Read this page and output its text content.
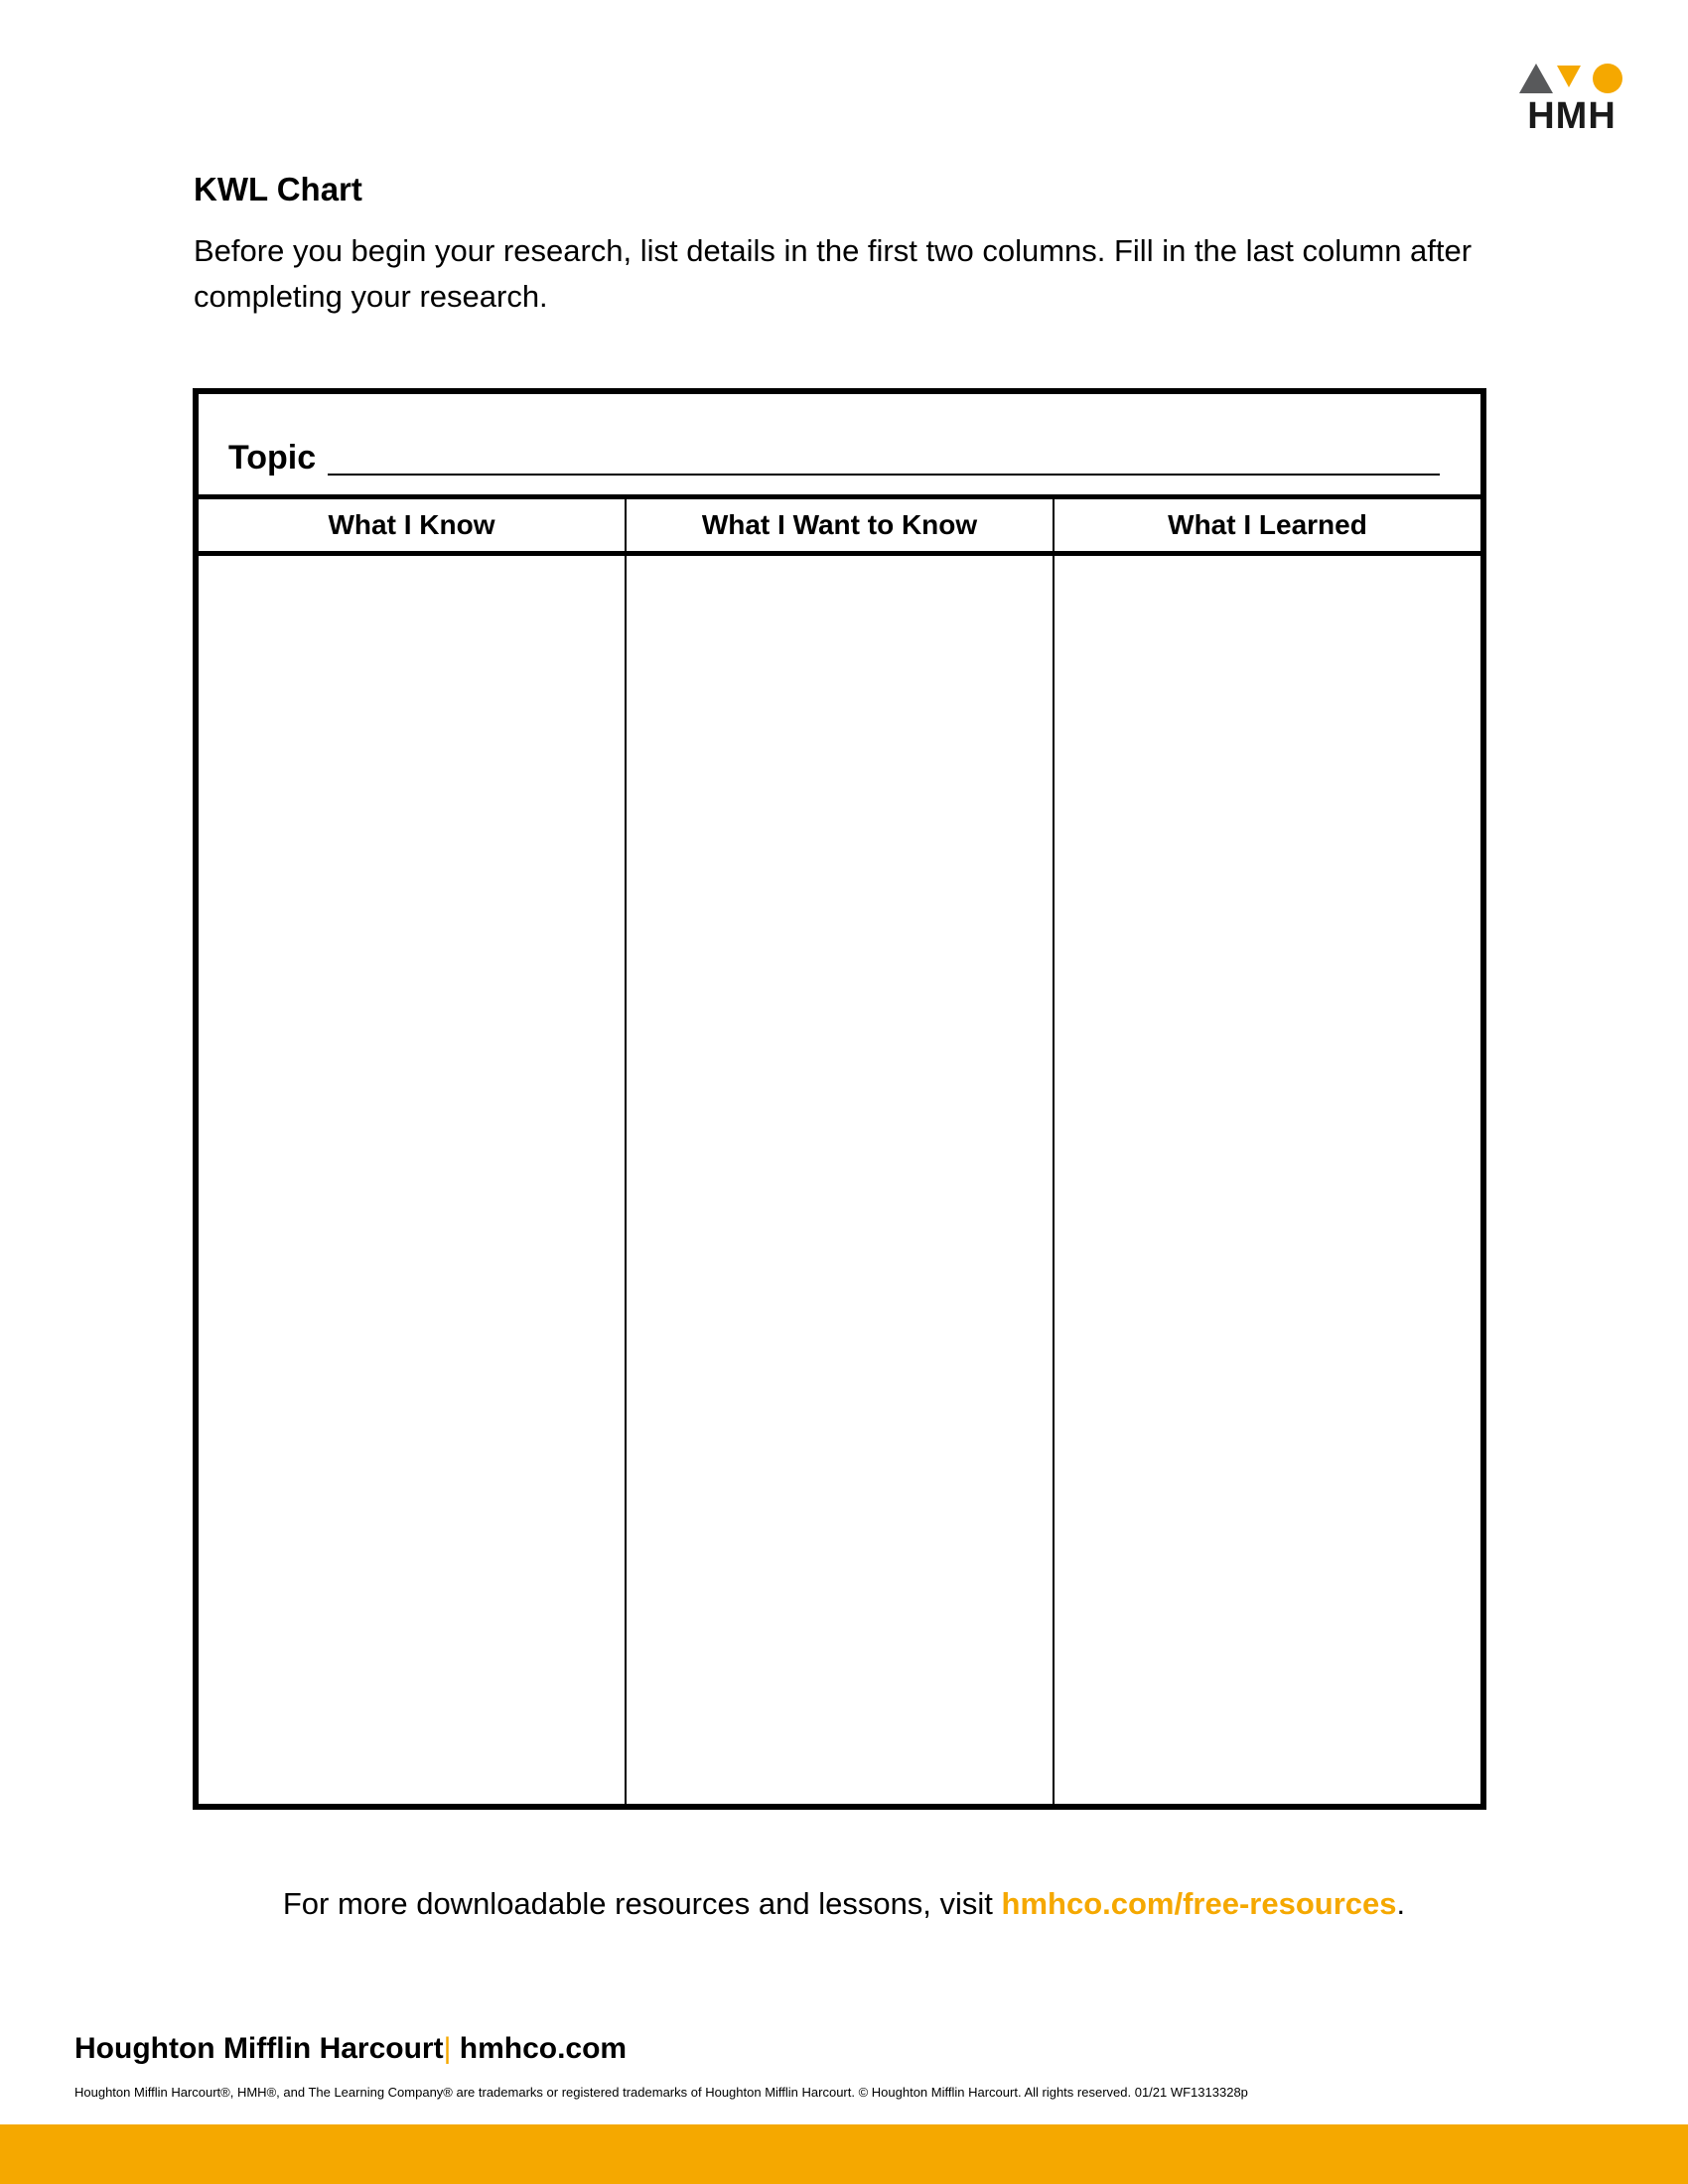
HMH
KWL Chart

Before you begin your research, list details in the first two columns. Fill in the last column after completing your research.

Topic
What I Know	What I Want to Know	What I Learned

For more downloadable resources and lessons, visit hmhco.com/free-resources.

Houghton Mifflin Harcourt| hmhco.com

Houghton Mifflin Harcourt®, HMH®, and The Learning Company® are trademarks or registered trademarks of Houghton Mifflin Harcourt. © Houghton Mifflin Harcourt. All rights reserved. 01/21 WF1313328p
